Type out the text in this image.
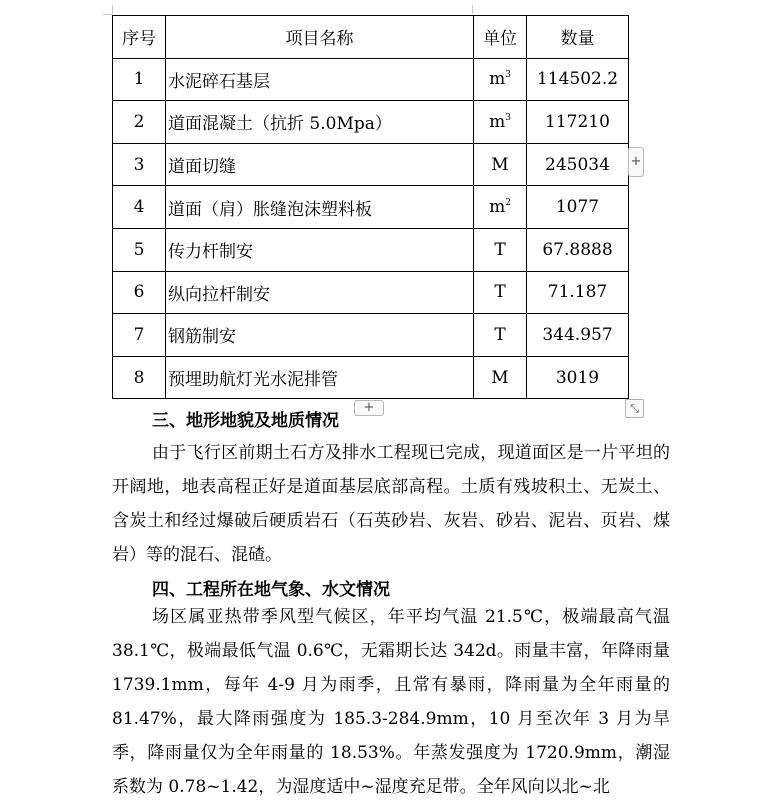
序号	项目名称	单位	数量
1	水泥碎石基层	$m^3$	114502.2
2	道面混凝土（抗折 5.0Mpa）	$m^3$	117210
3	道面切缝	M	245034
4	道面（肩）胀缝泡沫塑料板	$m^2$	1077
5	传力杆制安	T	67.8888
6	纵向拉杆制安	T	71.187
7	钢筋制安	T	344.957
8	预埋助航灯光水泥排管	M	3019
+
+	⤡
三、地形地貌及地质情况

由于飞行区前期土石方及排水工程现已完成，现道面区是一片平坦的开阔地，地表高程正好是道面基层底部高程。土质有残坡积土、无炭土、含炭土和经过爆破后硬质岩石（石英砂岩、灰岩、砂岩、泥岩、页岩、煤岩）等的混石、混碴。

四、工程所在地气象、水文情况

场区属亚热带季风型气候区，年平均气温 21.5℃，极端最高气温 38.1℃，极端最低气温 0.6℃，无霜期长达 342d。雨量丰富，年降雨量 1739.1mm，每年 4-9 月为雨季，且常有暴雨，降雨量为全年雨量的 81.47%，最大降雨强度为 185.3-284.9mm，10 月至次年 3 月为旱季，降雨量仅为全年雨量的 18.53%。年蒸发强度为 1720.9mm，潮湿系数为 0.78~1.42，为湿度适中~湿度充足带。全年风向以北~北
